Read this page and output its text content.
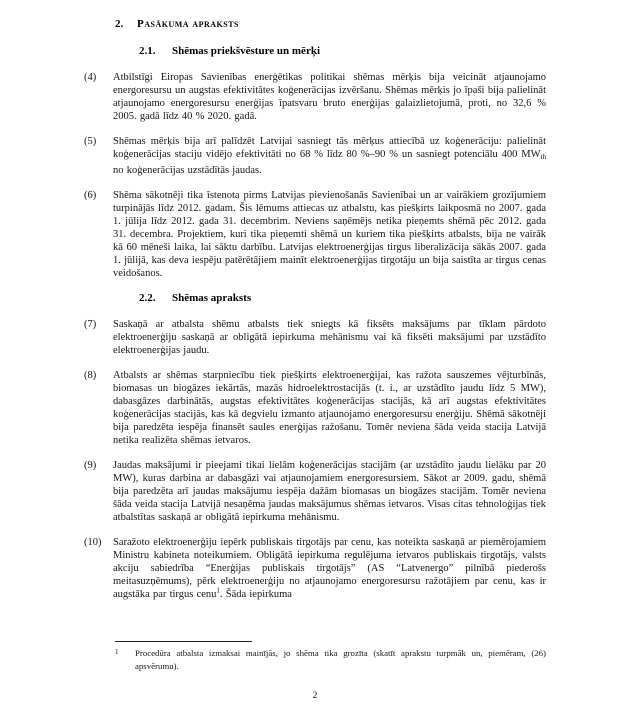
2.	Pasākuma apraksts
2.1.	Shēmas priekšvēsture un mērķi
(4)	Atbilstīgi Eiropas Savienības enerģētikas politikai shēmas mērķis bija veicināt atjaunojamo energoresursu un augstas efektivitātes koģenerācijas izvēršanu. Shēmas mērķis jo īpaši bija palielināt atjaunojamo energoresursu enerģijas īpatsvaru bruto enerģijas galaizlietojumā, proti, no 32,6 % 2005. gadā līdz 40 % 2020. gadā.

(5)	Shēmas mērķis bija arī palīdzēt Latvijai sasniegt tās mērķus attiecībā uz koģenerāciju: palielināt koģenerācijas staciju vidējo efektivitāti no 68 % līdz 80 %–90 % un sasniegt potenciālu 400 $MW_{th}$ no koģenerācijas uzstādītās jaudas.

(6)	Shēma sākotnēji tika īstenota pirms Latvijas pievienošanās Savienībai un ar vairākiem grozījumiem turpinājās līdz 2012. gadam. Šis lēmums attiecas uz atbalstu, kas piešķirts laikposmā no 2007. gada 1. jūlija līdz 2012. gada 31. decembrim. Neviens saņēmējs netika pieņemts shēmā pēc 2012. gada 31. decembra. Projektiem, kuri tika pieņemti shēmā un kuriem tika piešķirts atbalsts, bija ne vairāk kā 60 mēneši laika, lai sāktu darbību. Latvijas elektroenerģijas tirgus liberalizācija sākās 2007. gada 1. jūlijā, kas deva iespēju patērētājiem mainīt elektroenerģijas tirgotāju un bija saistīta ar tirgus cenas veidošanos.

2.2.	Shēmas apraksts
(7)	Saskaņā ar atbalsta shēmu atbalsts tiek sniegts kā fiksēts maksājums par tīklam pārdoto elektroenerģiju saskaņā ar obligātā iepirkuma mehānismu vai kā fiksēti maksājumi par uzstādīto elektroenerģijas jaudu.

(8)	Atbalsts ar shēmas starpniecību tiek piešķirts elektroenerģijai, kas ražota sauszemes vējturbīnās, biomasas un biogāzes iekārtās, mazās hidroelektrostacijās (t. i., ar uzstādīto jaudu līdz 5 MW), dabasgāzes darbinātās, augstas efektivitātes koģenerācijas stacijās, kā arī augstas efektivitātes koģenerācijas stacijās, kas kā degvielu izmanto atjaunojamo energoresursu enerģiju. Shēmā sākotnēji bija paredzēta iespēja finansēt saules enerģijas ražošanu. Tomēr neviena šāda veida stacija Latvijā netika realizēta shēmas ietvaros.

(9)	Jaudas maksājumi ir pieejami tikai lielām koģenerācijas stacijām (ar uzstādīto jaudu lielāku par 20 MW), kuras darbina ar dabasgāzi vai atjaunojamiem energoresursiem. Sākot ar 2009. gadu, shēmā bija paredzēta arī jaudas maksājumu iespēja dažām biomasas un biogāzes stacijām. Tomēr neviena šāda veida stacija Latvijā nesaņēma jaudas maksājumus shēmas ietvaros. Visas citas tehnoloģijas tiek atbalstītas saskaņā ar obligātā iepirkuma mehānismu.

(10)	Saražoto elektroenerģiju iepērk publiskais tirgotājs par cenu, kas noteikta saskaņā ar piemērojamiem Ministru kabineta noteikumiem. Obligātā iepirkuma regulējuma ietvaros publiskais tirgotājs, valsts akciju sabiedrība “Enerģijas publiskais tirgotājs” (AS “Latvenergo” pilnībā piederošs meitasuzņēmums), pērk elektroenerģiju no atjaunojamo energoresursu ražotājiem par cenu, kas ir augstāka par tirgus cenu$^1$. Šāda iepirkuma

1 Procedūra atbalsta izmaksai mainījās, jo shēma tika grozīta (skatīt aprakstu turpmāk un, piemēram, (26) apsvērumu).
2
